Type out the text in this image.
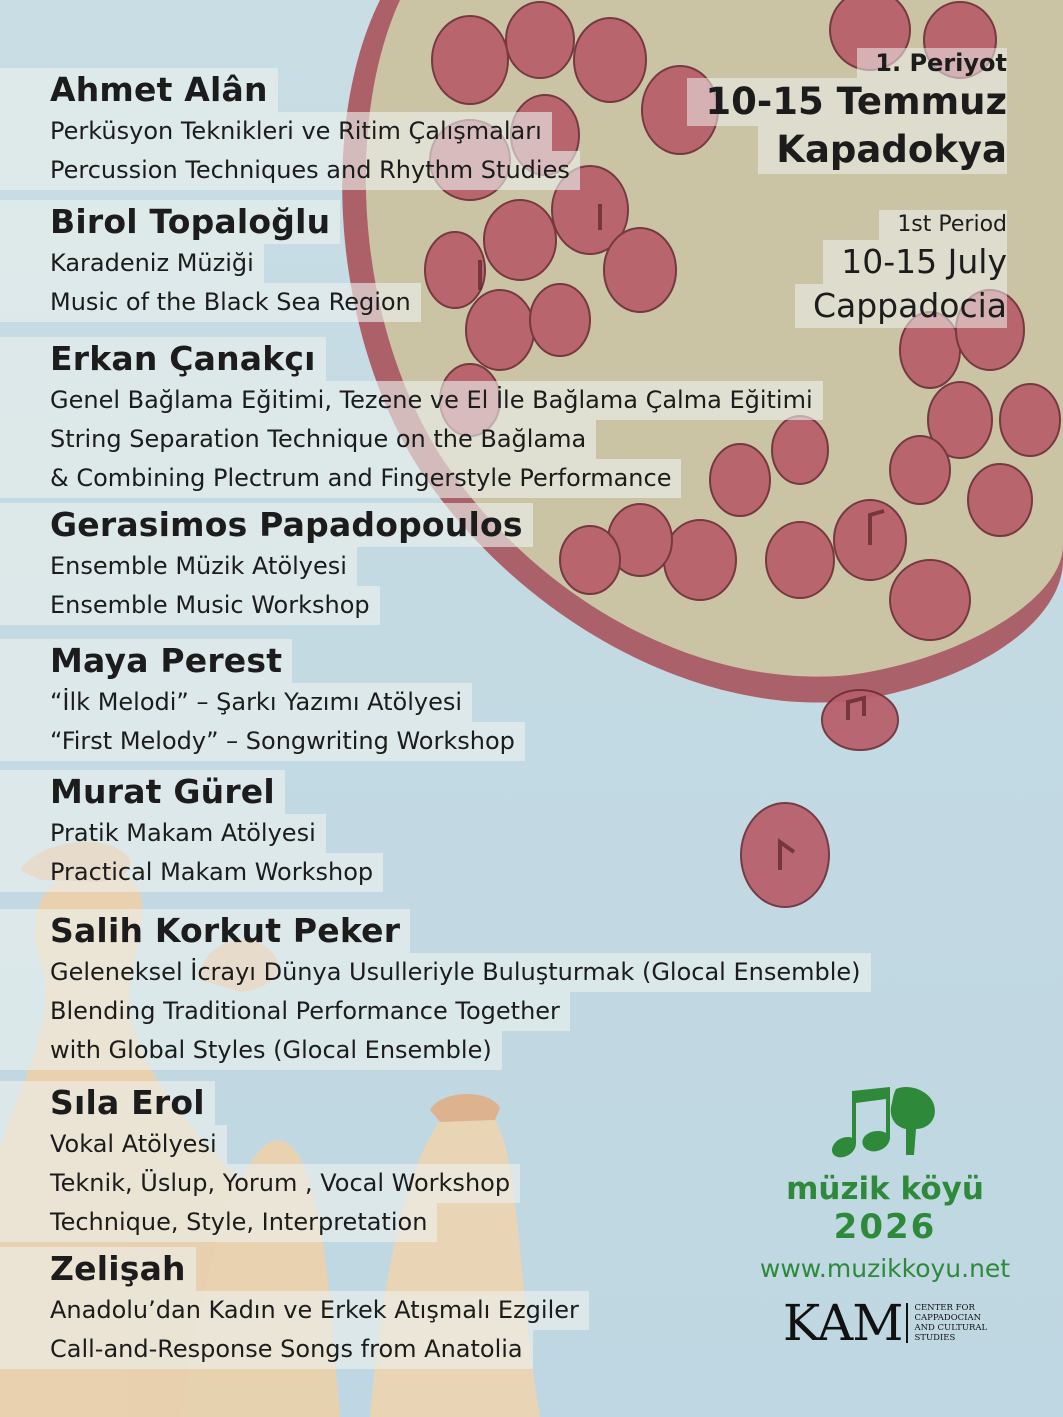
1. Periyot
10-15 Temmuz
Kapadokya
1st Period
10-15 July
Cappadocia
Ahmet Alân
Perküsyon Teknikleri ve Ritim Çalışmaları
Percussion Techniques and Rhythm Studies
Birol Topaloğlu
Karadeniz Müziği
Music of the Black Sea Region
Erkan Çanakçı
Genel Bağlama Eğitimi, Tezene ve El İle Bağlama Çalma Eğitimi
String Separation Technique on the Bağlama
& Combining Plectrum and Fingerstyle Performance
Gerasimos Papadopoulos
Ensemble Müzik Atölyesi
Ensemble Music Workshop
Maya Perest
“İlk Melodi” – Şarkı Yazımı Atölyesi
“First Melody” – Songwriting Workshop
Murat Gürel
Pratik Makam Atölyesi
Practical Makam Workshop
Salih Korkut Peker
Geleneksel İcrayı Dünya Usulleriyle Buluşturmak (Glocal Ensemble)
Blending Traditional Performance Together
with Global Styles (Glocal Ensemble)
Sıla Erol
Vokal Atölyesi
Teknik, Üslup, Yorum , Vocal Workshop
Technique, Style, Interpretation
Zelişah
Anadolu’dan Kadın ve Erkek Atışmalı Ezgiler
Call-and-Response Songs from Anatolia
müzik köyü
2026
www.muzikkoyu.net
KAM	CENTER FOR
CAPPADOCIAN
AND CULTURAL
STUDIES
